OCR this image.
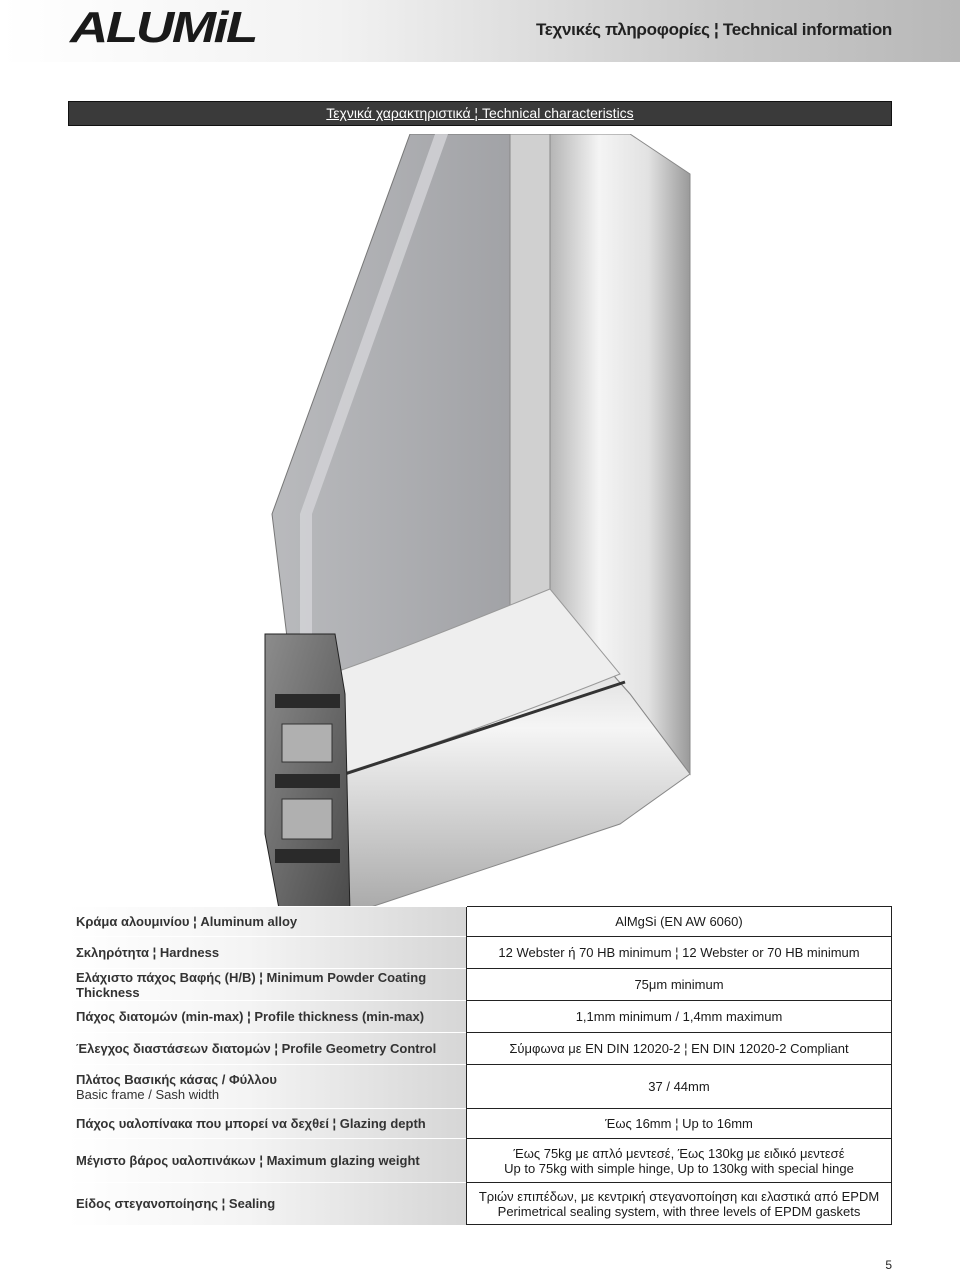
ALUMiL	Τεχνικές πληροφορίες ¦ Technical information
Τεχνικά χαρακτηριστικά ¦ Technical characteristics
Κράμα αλουμινίου ¦ Aluminum alloy	AlMgSi (EN AW 6060)
Σκληρότητα ¦ Hardness	12 Webster ή 70 HB minimum ¦ 12 Webster or 70 HB minimum
Ελάχιστο πάχος Βαφής (H/B) ¦ Minimum Powder Coating Thickness	75μm minimum
Πάχος διατομών (min-max) ¦ Profile thickness (min-max)	1,1mm minimum / 1,4mm maximum
Έλεγχος διαστάσεων διατομών ¦ Profile Geometry Control	Σύμφωνα με EN DIN 12020-2 ¦ EN DIN 12020-2 Compliant
Πλάτος Βασικής κάσας / Φύλλου
Basic frame / Sash width	37 / 44mm
Πάχος υαλοπίνακα που μπορεί να δεχθεί ¦ Glazing depth	Έως 16mm ¦ Up to 16mm
Μέγιστο βάρος υαλοπινάκων ¦ Maximum glazing weight	Έως 75kg με απλό μεντεσέ, Έως 130kg με ειδικό μεντεσέ
Up to 75kg with simple hinge, Up to 130kg with special hinge

Είδος στεγανοποίησης ¦ Sealing	Τριών επιπέδων, με κεντρική στεγανοποίηση και ελαστικά από EPDM
Perimetrical sealing system, with three levels of EPDM gaskets
5
